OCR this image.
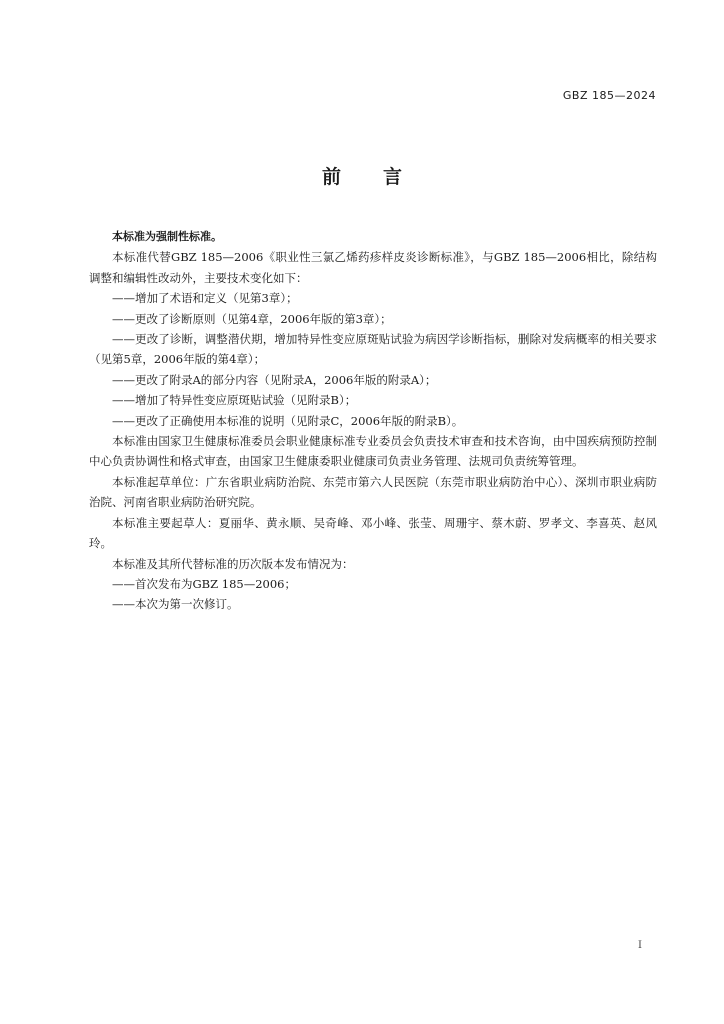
GBZ 185—2024
前言

本标准为强制性标准。

本标准代替GBZ 185—2006《职业性三氯乙烯药疹样皮炎诊断标准》，与GBZ 185—2006相比，除结构调整和编辑性改动外，主要技术变化如下：

——增加了术语和定义（见第3章）；

——更改了诊断原则（见第4章，2006年版的第3章）；

——更改了诊断，调整潜伏期，增加特异性变应原斑贴试验为病因学诊断指标，删除对发病概率的相关要求（见第5章，2006年版的第4章）；

——更改了附录A的部分内容（见附录A，2006年版的附录A）；

——增加了特异性变应原斑贴试验（见附录B）；

——更改了正确使用本标准的说明（见附录C，2006年版的附录B）。

本标准由国家卫生健康标准委员会职业健康标准专业委员会负责技术审查和技术咨询，由中国疾病预防控制中心负责协调性和格式审查，由国家卫生健康委职业健康司负责业务管理、法规司负责统筹管理。

本标准起草单位：广东省职业病防治院、东莞市第六人民医院（东莞市职业病防治中心）、深圳市职业病防治院、河南省职业病防治研究院。

本标准主要起草人：夏丽华、黄永顺、吴奇峰、邓小峰、张莹、周珊宇、蔡木蔚、罗孝文、李喜英、赵风玲。

本标准及其所代替标准的历次版本发布情况为：

——首次发布为GBZ 185—2006；

——本次为第一次修订。

I
